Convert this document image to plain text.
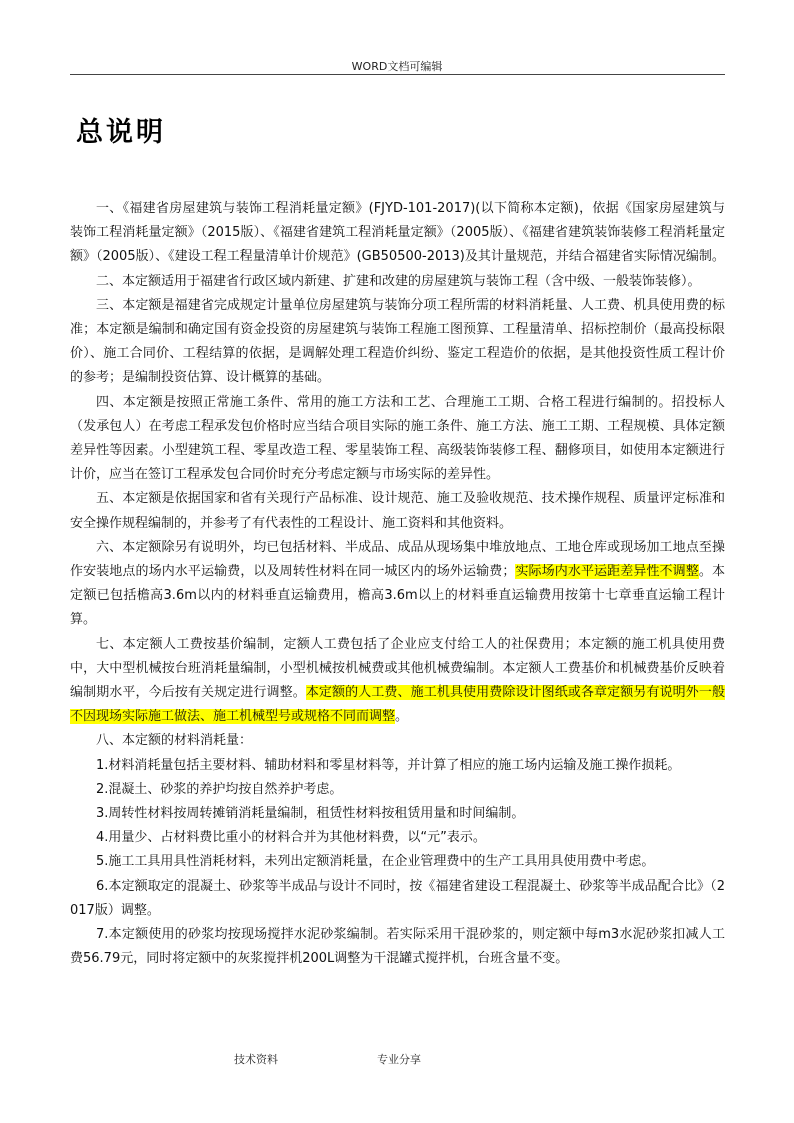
WORD文档可编辑
总说明

一、《福建省房屋建筑与装饰工程消耗量定额》(FJYD-101-2017)(以下简称本定额)，依据《国家房屋建筑与装饰工程消耗量定额》（2015版）、《福建省建筑工程消耗量定额》（2005版）、《福建省建筑装饰装修工程消耗量定额》（2005版）、《建设工程工程量清单计价规范》(GB50500-2013)及其计量规范，并结合福建省实际情况编制。

二、本定额适用于福建省行政区域内新建、扩建和改建的房屋建筑与装饰工程（含中级、一般装饰装修）。

三、本定额是福建省完成规定计量单位房屋建筑与装饰分项工程所需的材料消耗量、人工费、机具使用费的标准；本定额是编制和确定国有资金投资的房屋建筑与装饰工程施工图预算、工程量清单、招标控制价（最高投标限价）、施工合同价、工程结算的依据，是调解处理工程造价纠纷、鉴定工程造价的依据，是其他投资性质工程计价的参考；是编制投资估算、设计概算的基础。

四、本定额是按照正常施工条件、常用的施工方法和工艺、合理施工工期、合格工程进行编制的。招投标人（发承包人）在考虑工程承发包价格时应当结合项目实际的施工条件、施工方法、施工工期、工程规模、具体定额差异性等因素。小型建筑工程、零星改造工程、零星装饰工程、高级装饰装修工程、翻修项目，如使用本定额进行计价，应当在签订工程承发包合同价时充分考虑定额与市场实际的差异性。

五、本定额是依据国家和省有关现行产品标准、设计规范、施工及验收规范、技术操作规程、质量评定标准和安全操作规程编制的，并参考了有代表性的工程设计、施工资料和其他资料。

六、本定额除另有说明外，均已包括材料、半成品、成品从现场集中堆放地点、工地仓库或现场加工地点至操作安装地点的场内水平运输费，以及周转性材料在同一城区内的场外运输费；实际场内水平运距差异性不调整。本定额已包括檐高3.6m以内的材料垂直运输费用，檐高3.6m以上的材料垂直运输费用按第十七章垂直运输工程计算。

七、本定额人工费按基价编制，定额人工费包括了企业应支付给工人的社保费用；本定额的施工机具使用费中，大中型机械按台班消耗量编制，小型机械按机械费或其他机械费编制。本定额人工费基价和机械费基价反映着编制期水平，今后按有关规定进行调整。本定额的人工费、施工机具使用费除设计图纸或各章定额另有说明外一般不因现场实际施工做法、施工机械型号或规格不同而调整。

八、本定额的材料消耗量：

1.材料消耗量包括主要材料、辅助材料和零星材料等，并计算了相应的施工场内运输及施工操作损耗。

2.混凝土、砂浆的养护均按自然养护考虑。

3.周转性材料按周转摊销消耗量编制，租赁性材料按租赁用量和时间编制。

4.用量少、占材料费比重小的材料合并为其他材料费，以“元”表示。

5.施工工具用具性消耗材料，未列出定额消耗量，在企业管理费中的生产工具用具使用费中考虑。

6.本定额取定的混凝土、砂浆等半成品与设计不同时，按《福建省建设工程混凝土、砂浆等半成品配合比》（2017版）调整。

7.本定额使用的砂浆均按现场搅拌水泥砂浆编制。若实际采用干混砂浆的，则定额中每m3水泥砂浆扣减人工费56.79元，同时将定额中的灰浆搅拌机200L调整为干混罐式搅拌机，台班含量不变。

技术资料	专业分享
